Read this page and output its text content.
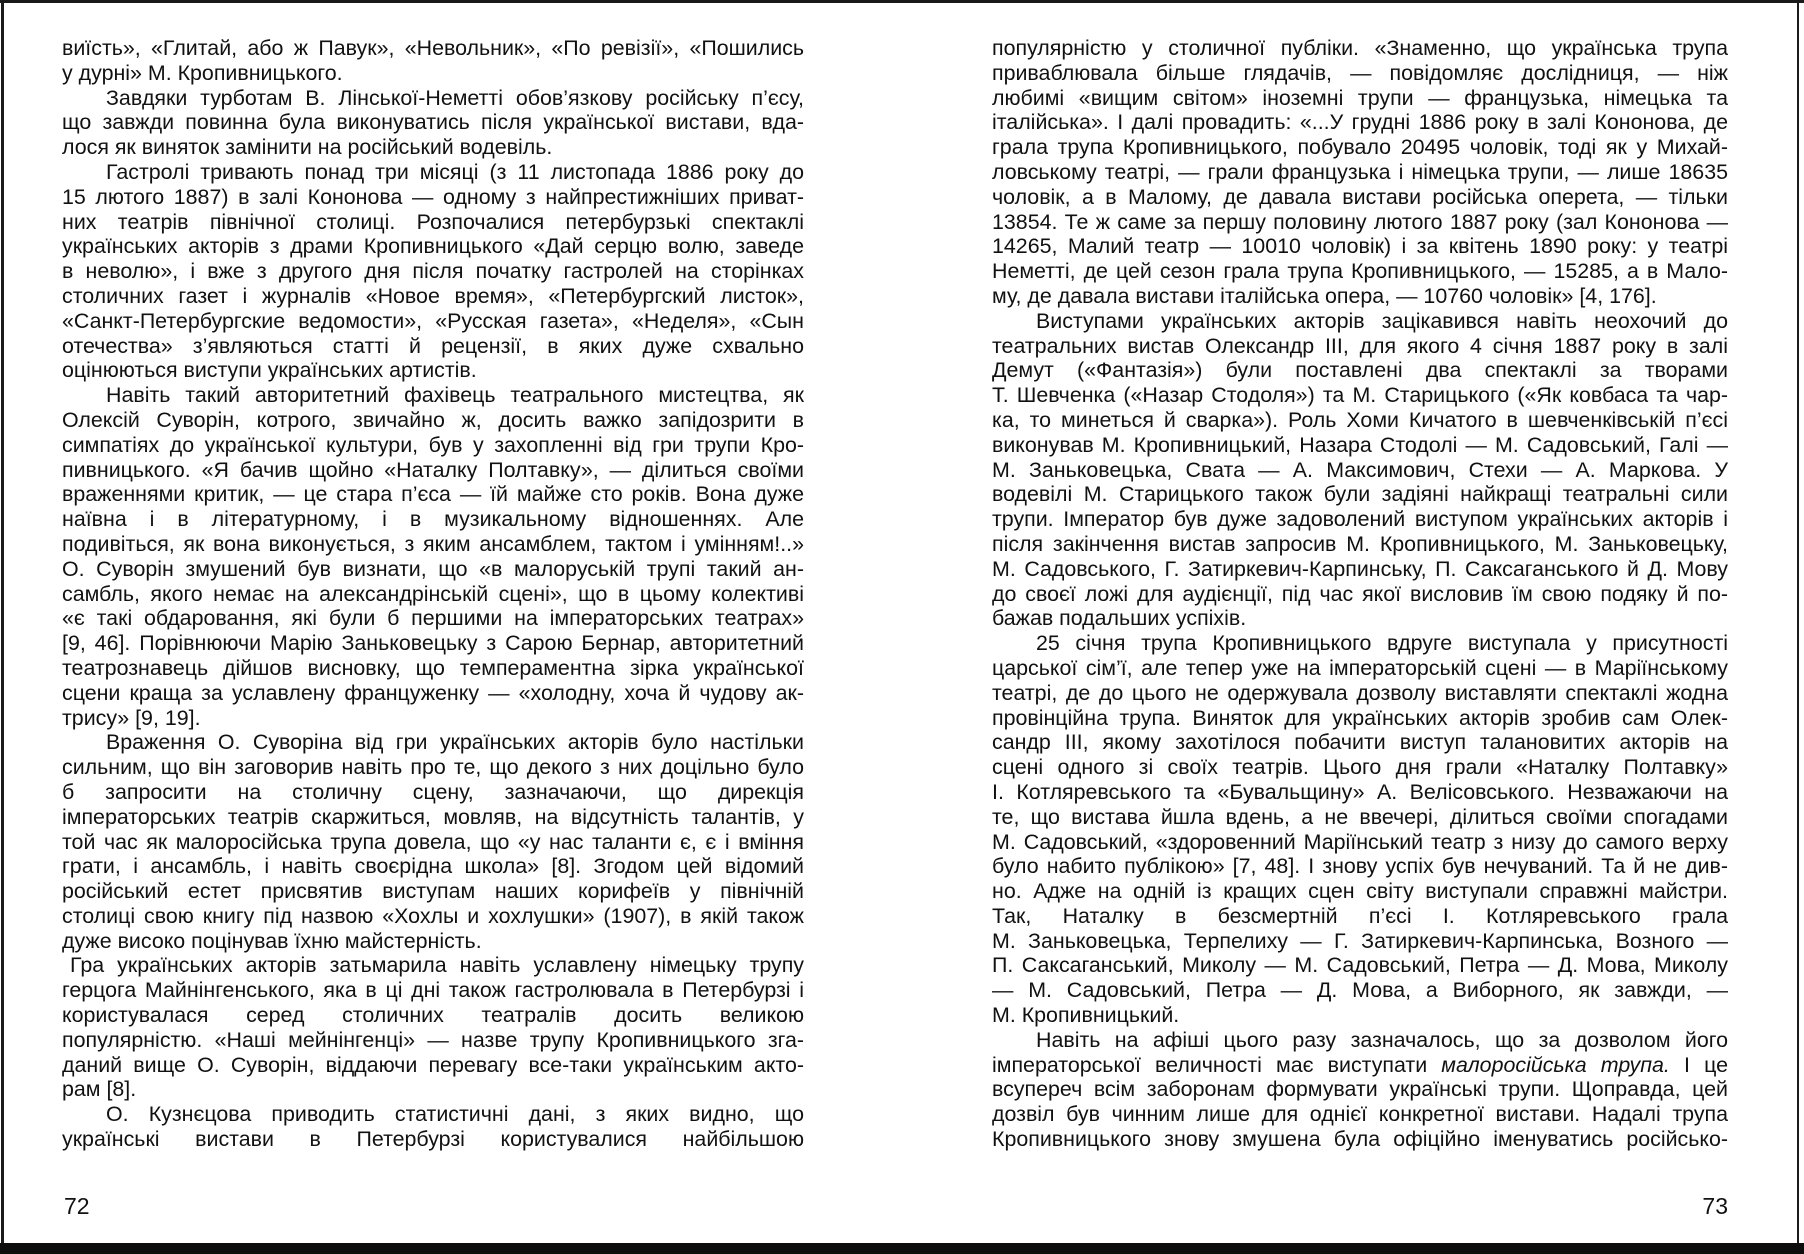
виїсть», «Глитай, або ж Павук», «Невольник», «По ревізії», «Пошились
у дурні» М. Кропивницького.
Завдяки турботам В. Лінської-Неметті обов’язкову російську п’єсу,
що завжди повинна була виконуватись після української вистави, вда-
лося як виняток замінити на російський водевіль.
Гастролі тривають понад три місяці (з 11 листопада 1886 року до
15 лютого 1887) в залі Кононова — одному з найпрестижніших приват-
них театрів північної столиці. Розпочалися петербурзькі спектаклі
українських акторів з драми Кропивницького «Дай серцю волю, заведе
в неволю», і вже з другого дня після початку гастролей на сторінках
столичних газет і журналів «Новое время», «Петербургский листок»,
«Санкт-Петербургские ведомости», «Русская газета», «Неделя», «Сын
отечества» з’являються статті й рецензії, в яких дуже схвально
оцінюються виступи українських артистів.
Навіть такий авторитетний фахівець театрального мистецтва, як
Олексій Суворін, котрого, звичайно ж, досить важко запідозрити в
симпатіях до української культури, був у захопленні від гри трупи Кро-
пивницького. «Я бачив щойно «Наталку Полтавку», — ділиться своїми
враженнями критик, — це стара п’єса — їй майже сто років. Вона дуже
наївна і в літературному, і в музикальному відношеннях. Але
подивіться, як вона виконується, з яким ансамблем, тактом і умінням!..»
О. Суворін змушений був визнати, що «в малоруській трупі такий ан-
самбль, якого немає на александрінській сцені», що в цьому колективі
«є такі обдаровання, які були б першими на імператорських театрах»
[9, 46]. Порівнюючи Марію Заньковецьку з Сарою Бернар, авторитетний
театрознавець дійшов висновку, що темпераментна зірка української
сцени краща за уславлену француженку — «холодну, хоча й чудову ак-
трису» [9, 19].
Враження О. Суворіна від гри українських акторів було настільки
сильним, що він заговорив навіть про те, що декого з них доцільно було
б запросити на столичну сцену, зазначаючи, що дирекція
імператорських театрів скаржиться, мовляв, на відсутність талантів, у
той час як малоросійська трупа довела, що «у нас таланти є, є і вміння
грати, і ансамбль, і навіть своєрідна школа» [8]. Згодом цей відомий
російський естет присвятив виступам наших корифеїв у північній
столиці свою книгу під назвою «Хохлы и хохлушки» (1907), в якій також
дуже високо поцінував їхню майстерність.
Гра українських акторів затьмарила навіть уславлену німецьку трупу
герцога Майнінгенського, яка в ці дні також гастролювала в Петербурзі і
користувалася серед столичних театралів досить великою
популярністю. «Наші мейнінгенці» — назве трупу Кропивницького зга-
даний вище О. Суворін, віддаючи перевагу все-таки українським акто-
рам [8].
О. Кузнєцова приводить статистичні дані, з яких видно, що
українські вистави в Петербурзі користувалися найбільшою
популярністю у столичної публіки. «Знаменно, що українська трупа
приваблювала більше глядачів, — повідомляє дослідниця, — ніж
любимі «вищим світом» іноземні трупи — французька, німецька та
італійська». І далі провадить: «...У грудні 1886 року в залі Кононова, де
грала трупа Кропивницького, побувало 20495 чоловік, тоді як у Михай-
ловському театрі, — грали французька і німецька трупи, — лише 18635
чоловік, а в Малому, де давала вистави російська оперета, — тільки
13854. Те ж саме за першу половину лютого 1887 року (зал Кононова —
14265, Малий театр — 10010 чоловік) і за квітень 1890 року: у театрі
Неметті, де цей сезон грала трупа Кропивницького, — 15285, а в Мало-
му, де давала вистави італійська опера, — 10760 чоловік» [4, 176].
Виступами українських акторів зацікавився навіть неохочий до
театральних вистав Олександр III, для якого 4 січня 1887 року в залі
Демут («Фантазія») були поставлені два спектаклі за творами
Т. Шевченка («Назар Стодоля») та М. Старицького («Як ковбаса та чар-
ка, то минеться й сварка»). Роль Хоми Кичатого в шевченківській п’єсі
виконував М. Кропивницький, Назара Стодолі — М. Садовський, Галі —
М. Заньковецька, Свата — А. Максимович, Стехи — А. Маркова. У
водевілі М. Старицького також були задіяні найкращі театральні сили
трупи. Імператор був дуже задоволений виступом українських акторів і
після закінчення вистав запросив М. Кропивницького, М. Заньковецьку,
М. Садовського, Г. Затиркевич-Карпинську, П. Саксаганського й Д. Мову
до своєї ложі для аудієнції, під час якої висловив їм свою подяку й по-
бажав подальших успіхів.
25 січня трупа Кропивницького вдруге виступала у присутності
царської сім’ї, але тепер уже на імператорській сцені — в Маріїнському
театрі, де до цього не одержувала дозволу виставляти спектаклі жодна
провінційна трупа. Виняток для українських акторів зробив сам Олек-
сандр III, якому захотілося побачити виступ талановитих акторів на
сцені одного зі своїх театрів. Цього дня грали «Наталку Полтавку»
І. Котляревського та «Бувальщину» А. Велісовського. Незважаючи на
те, що вистава йшла вдень, а не ввечері, ділиться своїми спогадами
М. Садовський, «здоровенний Маріїнський театр з низу до самого верху
було набито публікою» [7, 48]. І знову успіх був нечуваний. Та й не див-
но. Адже на одній із кращих сцен світу виступали справжні майстри.
Так, Наталку в безсмертній п’єсі І. Котляревського грала
М. Заньковецька, Терпелиху — Г. Затиркевич-Карпинська, Возного —
П. Саксаганський, Миколу — М. Садовський, Петра — Д. Мова, Миколу
— М. Садовський, Петра — Д. Мова, а Виборного, як завжди, —
М. Кропивницький.
Навіть на афіші цього разу зазначалось, що за дозволом його
імператорської величності має виступати малоросійська трупа. І це
всупереч всім заборонам формувати українські трупи. Щоправда, цей
дозвіл був чинним лише для однієї конкретної вистави. Надалі трупа
Кропивницького знову змушена була офіційно іменуватись російсько-
72	73
